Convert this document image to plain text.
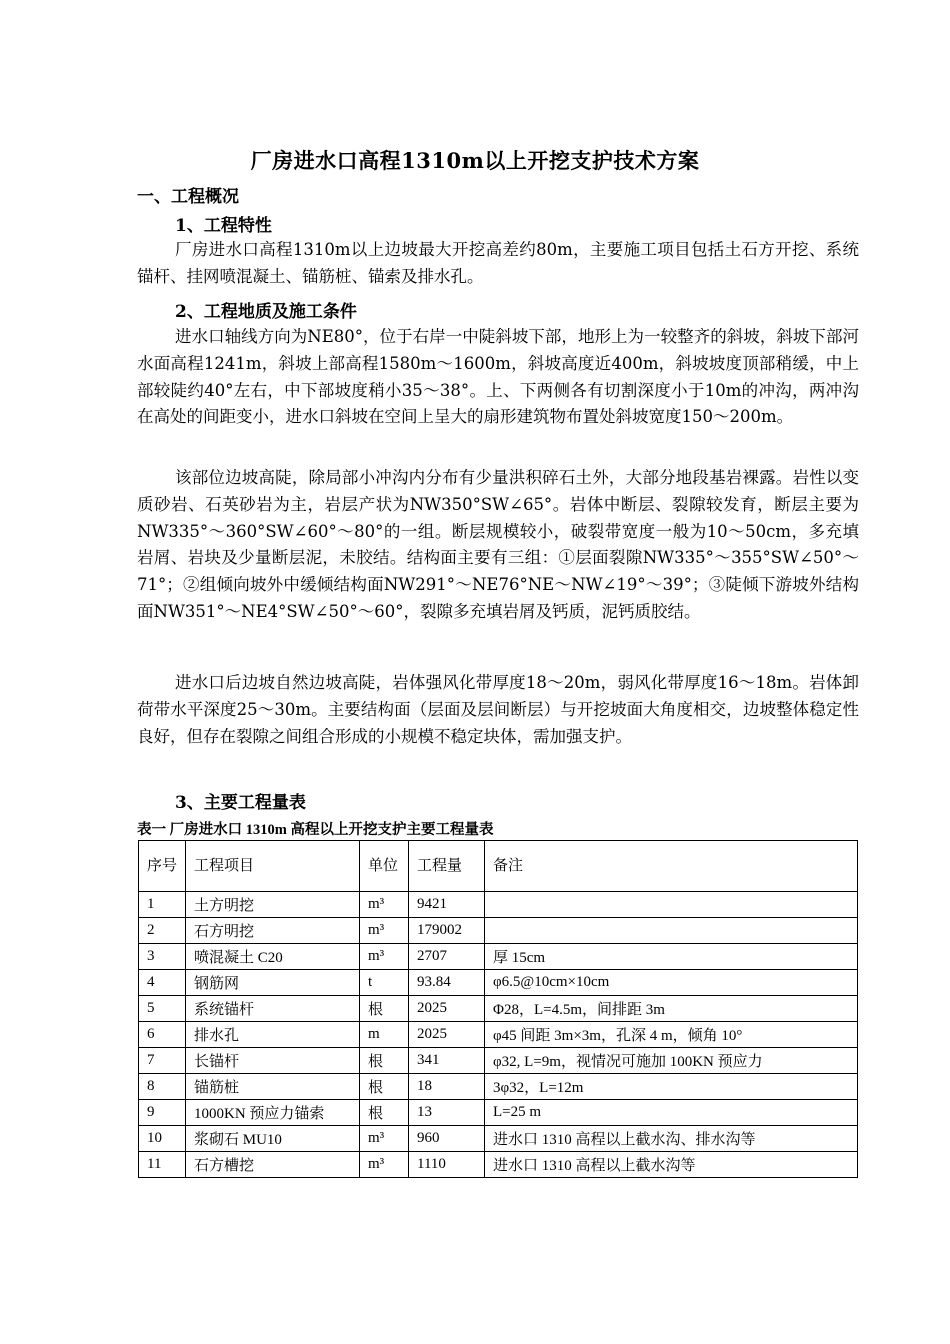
厂房进水口高程1310m以上开挖支护技术方案
一、工程概况
1、工程特性

厂房进水口高程1310m以上边坡最大开挖高差约80m，主要施工项目包括土石方开挖、系统锚杆、挂网喷混凝土、锚筋桩、锚索及排水孔。

2、工程地质及施工条件

进水口轴线方向为NE80°，位于右岸一中陡斜坡下部，地形上为一较整齐的斜坡，斜坡下部河水面高程1241m，斜坡上部高程1580m～1600m，斜坡高度近400m，斜坡坡度顶部稍缓，中上部较陡约40°左右，中下部坡度稍小35～38°。上、下两侧各有切割深度小于10m的冲沟，两冲沟在高处的间距变小，进水口斜坡在空间上呈大的扇形建筑物布置处斜坡宽度150～200m。

该部位边坡高陡，除局部小冲沟内分布有少量洪积碎石土外，大部分地段基岩裸露。岩性以变质砂岩、石英砂岩为主，岩层产状为NW350°SW∠65°。岩体中断层、裂隙较发育，断层主要为NW335°～360°SW∠60°～80°的一组。断层规模较小，破裂带宽度一般为10～50cm，多充填岩屑、岩块及少量断层泥，未胶结。结构面主要有三组：①层面裂隙NW335°～355°SW∠50°～71°；②组倾向坡外中缓倾结构面NW291°～NE76°NE～NW∠19°～39°；③陡倾下游坡外结构面NW351°～NE4°SW∠50°～60°，裂隙多充填岩屑及钙质，泥钙质胶结。

进水口后边坡自然边坡高陡，岩体强风化带厚度18～20m，弱风化带厚度16～18m。岩体卸荷带水平深度25～30m。主要结构面（层面及层间断层）与开挖坡面大角度相交，边坡整体稳定性良好，但存在裂隙之间组合形成的小规模不稳定块体，需加强支护。

3、主要工程量表
表一 厂房进水口 1310m 高程以上开挖支护主要工程量表
序号	工程项目	单位	工程量	备注
1	土方明挖	m³	9421	
2	石方明挖	m³	179002	
3	喷混凝土 C20	m³	2707	厚 15cm
4	钢筋网	t	93.84	φ6.5@10cm×10cm
5	系统锚杆	根	2025	Φ28，L=4.5m，间排距 3m
6	排水孔	m	2025	φ45 间距 3m×3m，孔深 4 m，倾角 10°
7	长锚杆	根	341	φ32, L=9m，视情况可施加 100KN 预应力
8	锚筋桩	根	18	3φ32，L=12m
9	1000KN 预应力锚索	根	13	L=25 m
10	浆砌石 MU10	m³	960	进水口 1310 高程以上截水沟、排水沟等
11	石方槽挖	m³	1110	进水口 1310 高程以上截水沟等
